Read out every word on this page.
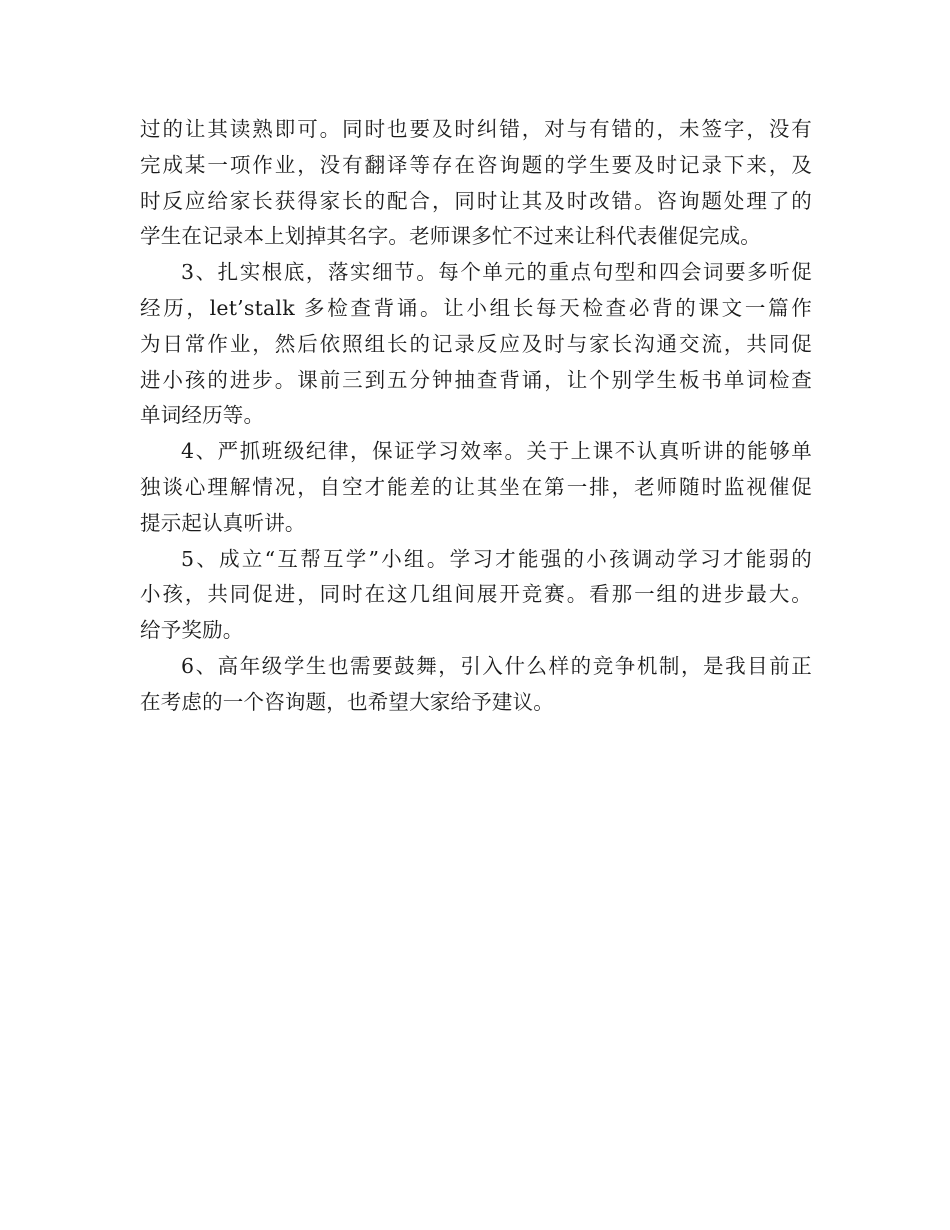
过的让其读熟即可。同时也要及时纠错，对与有错的，未签字，没有
完成某一项作业，没有翻译等存在咨询题的学生要及时记录下来，及
时反应给家长获得家长的配合，同时让其及时改错。咨询题处理了的
学生在记录本上划掉其名字。老师课多忙不过来让科代表催促完成。
3、扎实根底，落实细节。每个单元的重点句型和四会词要多听促
经历，let’stalk 多检查背诵。让小组长每天检查必背的课文一篇作
为日常作业，然后依照组长的记录反应及时与家长沟通交流，共同促
进小孩的进步。课前三到五分钟抽查背诵，让个别学生板书单词检查
单词经历等。
4、严抓班级纪律，保证学习效率。关于上课不认真听讲的能够单
独谈心理解情况，自空才能差的让其坐在第一排，老师随时监视催促
提示起认真听讲。
5、成立“互帮互学”小组。学习才能强的小孩调动学习才能弱的
小孩，共同促进，同时在这几组间展开竞赛。看那一组的进步最大。
给予奖励。
6、高年级学生也需要鼓舞，引入什么样的竞争机制，是我目前正
在考虑的一个咨询题，也希望大家给予建议。
